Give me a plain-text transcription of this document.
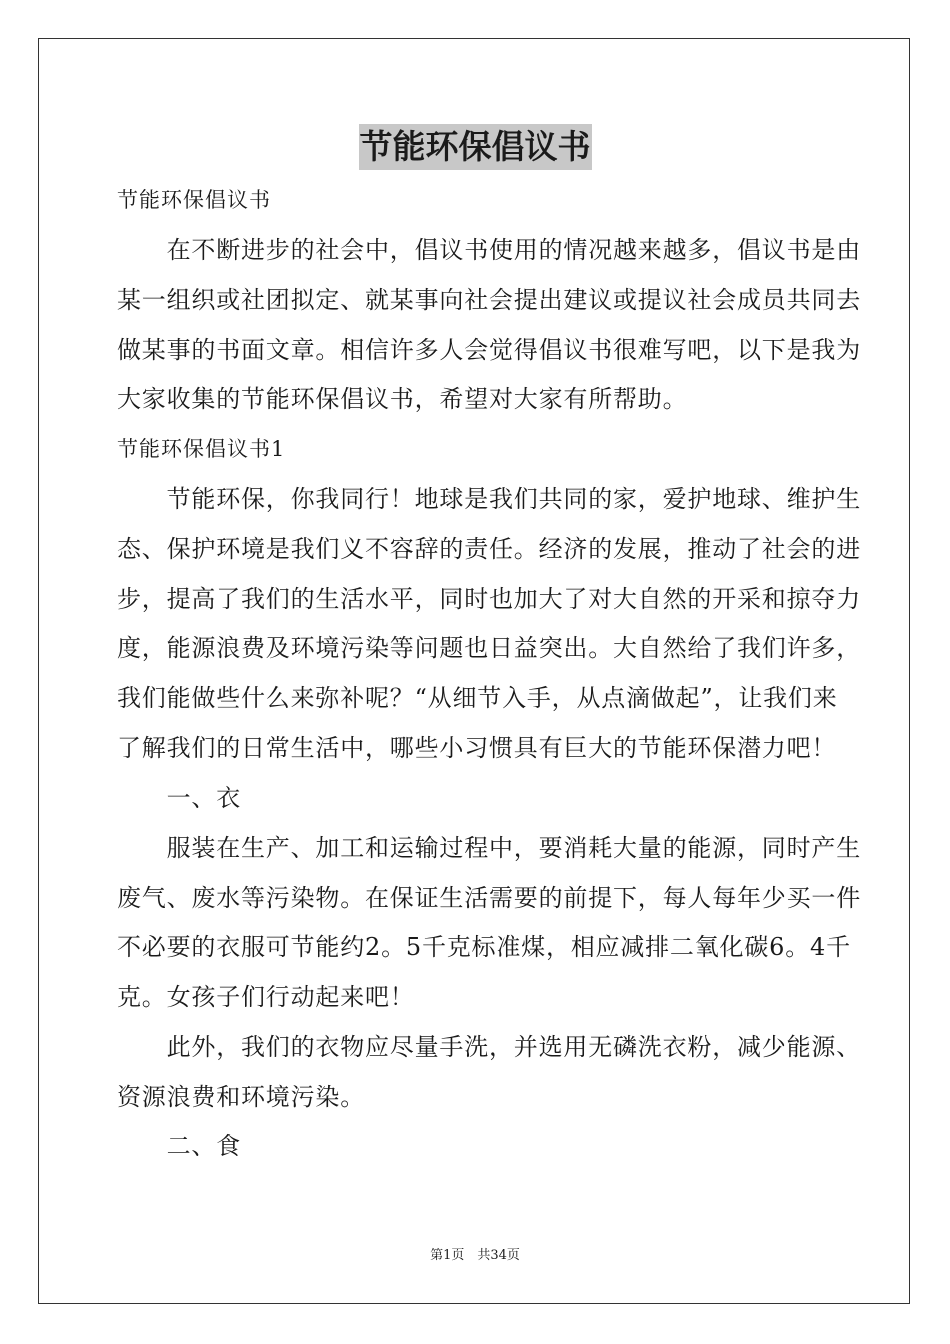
节能环保倡议书
节能环保倡议书
　　在不断进步的社会中，倡议书使用的情况越来越多，倡议书是由
某一组织或社团拟定、就某事向社会提出建议或提议社会成员共同去
做某事的书面文章。相信许多人会觉得倡议书很难写吧，以下是我为
大家收集的节能环保倡议书，希望对大家有所帮助。
节能环保倡议书1
　　节能环保，你我同行！地球是我们共同的家，爱护地球、维护生
态、保护环境是我们义不容辞的责任。经济的发展，推动了社会的进
步，提高了我们的生活水平，同时也加大了对大自然的开采和掠夺力
度，能源浪费及环境污染等问题也日益突出。大自然给了我们许多，
我们能做些什么来弥补呢？“从细节入手，从点滴做起”，让我们来
了解我们的日常生活中，哪些小习惯具有巨大的节能环保潜力吧！
　　一、衣
　　服装在生产、加工和运输过程中，要消耗大量的能源，同时产生
废气、废水等污染物。在保证生活需要的前提下，每人每年少买一件
不必要的衣服可节能约2。5千克标准煤，相应减排二氧化碳6。4千
克。女孩子们行动起来吧！
　　此外，我们的衣物应尽量手洗，并选用无磷洗衣粉，减少能源、
资源浪费和环境污染。
　　二、食
第1页　共34页
